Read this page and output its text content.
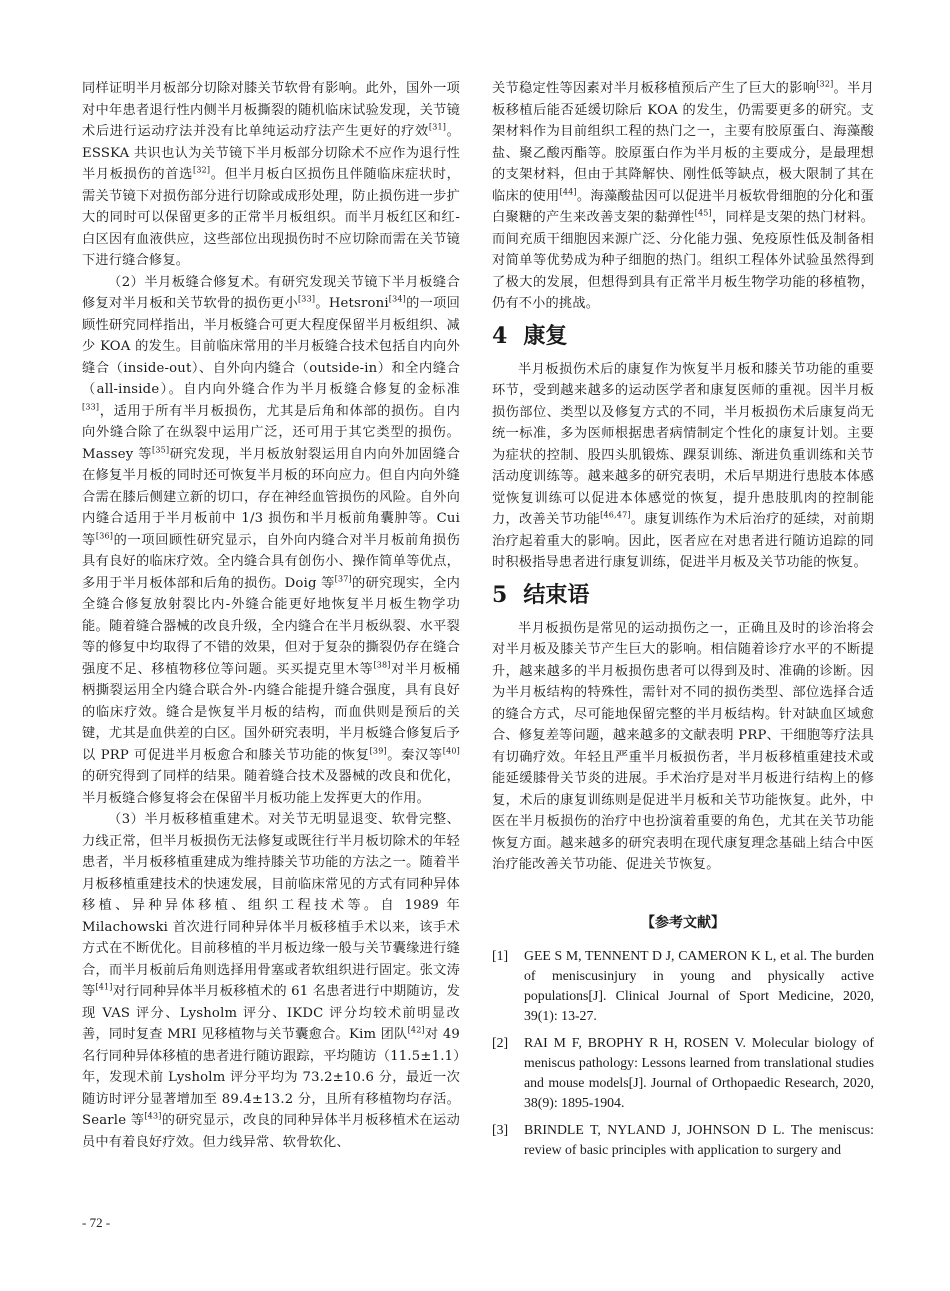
同样证明半月板部分切除对膝关节软骨有影响。此外，国外一项对中年患者退行性内侧半月板撕裂的随机临床试验发现，关节镜术后进行运动疗法并没有比单纯运动疗法产生更好的疗效[31]。ESSKA 共识也认为关节镜下半月板部分切除术不应作为退行性半月板损伤的首选[32]。但半月板白区损伤且伴随临床症状时，需关节镜下对损伤部分进行切除或成形处理，防止损伤进一步扩大的同时可以保留更多的正常半月板组织。而半月板红区和红-白区因有血液供应，这些部位出现损伤时不应切除而需在关节镜下进行缝合修复。

（2）半月板缝合修复术。有研究发现关节镜下半月板缝合修复对半月板和关节软骨的损伤更小[33]。Hetsroni[34]的一项回顾性研究同样指出，半月板缝合可更大程度保留半月板组织、减少 KOA 的发生。目前临床常用的半月板缝合技术包括自内向外缝合（inside-out）、自外向内缝合（outside-in）和全内缝合（all-inside）。自内向外缝合作为半月板缝合修复的金标准[33]，适用于所有半月板损伤，尤其是后角和体部的损伤。自内向外缝合除了在纵裂中运用广泛，还可用于其它类型的损伤。Massey 等[35]研究发现，半月板放射裂运用自内向外加固缝合在修复半月板的同时还可恢复半月板的环向应力。但自内向外缝合需在膝后侧建立新的切口，存在神经血管损伤的风险。自外向内缝合适用于半月板前中 1/3 损伤和半月板前角囊肿等。Cui 等[36]的一项回顾性研究显示，自外向内缝合对半月板前角损伤具有良好的临床疗效。全内缝合具有创伤小、操作简单等优点，多用于半月板体部和后角的损伤。Doig 等[37]的研究现实，全内全缝合修复放射裂比内-外缝合能更好地恢复半月板生物学功能。随着缝合器械的改良升级，全内缝合在半月板纵裂、水平裂等的修复中均取得了不错的效果，但对于复杂的撕裂仍存在缝合强度不足、移植物移位等问题。买买提克里木等[38]对半月板桶柄撕裂运用全内缝合联合外-内缝合能提升缝合强度，具有良好的临床疗效。缝合是恢复半月板的结构，而血供则是预后的关键，尤其是血供差的白区。国外研究表明，半月板缝合修复后予以 PRP 可促进半月板愈合和膝关节功能的恢复[39]。秦汉等[40]的研究得到了同样的结果。随着缝合技术及器械的改良和优化，半月板缝合修复将会在保留半月板功能上发挥更大的作用。

（3）半月板移植重建术。对关节无明显退变、软骨完整、力线正常，但半月板损伤无法修复或既往行半月板切除术的年轻患者，半月板移植重建成为维持膝关节功能的方法之一。随着半月板移植重建技术的快速发展，目前临床常见的方式有同种异体移植、异种异体移植、组织工程技术等。自 1989 年 Milachowski 首次进行同种异体半月板移植手术以来，该手术方式在不断优化。目前移植的半月板边缘一般与关节囊缘进行缝合，而半月板前后角则选择用骨塞或者软组织进行固定。张文涛等[41]对行同种异体半月板移植术的 61 名患者进行中期随访，发现 VAS 评分、Lysholm 评分、IKDC 评分均较术前明显改善，同时复查 MRI 见移植物与关节囊愈合。Kim 团队[42]对 49 名行同种异体移植的患者进行随访跟踪，平均随访（11.5±1.1）年，发现术前 Lysholm 评分平均为 73.2±10.6 分，最近一次随访时评分显著增加至 89.4±13.2 分，且所有移植物均存活。Searle 等[43]的研究显示，改良的同种异体半月板移植术在运动员中有着良好疗效。但力线异常、软骨软化、

关节稳定性等因素对半月板移植预后产生了巨大的影响[32]。半月板移植后能否延缓切除后 KOA 的发生，仍需要更多的研究。支架材料作为目前组织工程的热门之一，主要有胶原蛋白、海藻酸盐、聚乙酸丙酯等。胶原蛋白作为半月板的主要成分，是最理想的支架材料，但由于其降解快、刚性低等缺点，极大限制了其在临床的使用[44]。海藻酸盐因可以促进半月板软骨细胞的分化和蛋白聚糖的产生来改善支架的黏弹性[45]，同样是支架的热门材料。而间充质干细胞因来源广泛、分化能力强、免疫原性低及制备相对简单等优势成为种子细胞的热门。组织工程体外试验虽然得到了极大的发展，但想得到具有正常半月板生物学功能的移植物，仍有不小的挑战。

4 康复

半月板损伤术后的康复作为恢复半月板和膝关节功能的重要环节，受到越来越多的运动医学者和康复医师的重视。因半月板损伤部位、类型以及修复方式的不同，半月板损伤术后康复尚无统一标准，多为医师根据患者病情制定个性化的康复计划。主要为症状的控制、股四头肌锻炼、踝泵训练、渐进负重训练和关节活动度训练等。越来越多的研究表明，术后早期进行患肢本体感觉恢复训练可以促进本体感觉的恢复，提升患肢肌肉的控制能力，改善关节功能[46,47]。康复训练作为术后治疗的延续，对前期治疗起着重大的影响。因此，医者应在对患者进行随访追踪的同时积极指导患者进行康复训练，促进半月板及关节功能的恢复。

5 结束语

半月板损伤是常见的运动损伤之一，正确且及时的诊治将会对半月板及膝关节产生巨大的影响。相信随着诊疗水平的不断提升，越来越多的半月板损伤患者可以得到及时、准确的诊断。因为半月板结构的特殊性，需针对不同的损伤类型、部位选择合适的缝合方式，尽可能地保留完整的半月板结构。针对缺血区域愈合、修复差等问题，越来越多的文献表明 PRP、干细胞等疗法具有切确疗效。年轻且严重半月板损伤者，半月板移植重建技术或能延缓膝骨关节炎的进展。手术治疗是对半月板进行结构上的修复，术后的康复训练则是促进半月板和关节功能恢复。此外，中医在半月板损伤的治疗中也扮演着重要的角色，尤其在关节功能恢复方面。越来越多的研究表明在现代康复理念基础上结合中医治疗能改善关节功能、促进关节恢复。

【参考文献】
[1]	GEE S M, TENNENT D J, CAMERON K L, et al. The burden of meniscusinjury in young and physically active populations[J]. Clinical Journal of Sport Medicine, 2020, 39(1): 13-27.
[2]	RAI M F, BROPHY R H, ROSEN V. Molecular biology of meniscus pathology: Lessons learned from translational studies and mouse models[J]. Journal of Orthopaedic Research, 2020, 38(9): 1895-1904.
[3]	BRINDLE T, NYLAND J, JOHNSON D L. The meniscus: review of basic principles with application to surgery and
- 72 -
